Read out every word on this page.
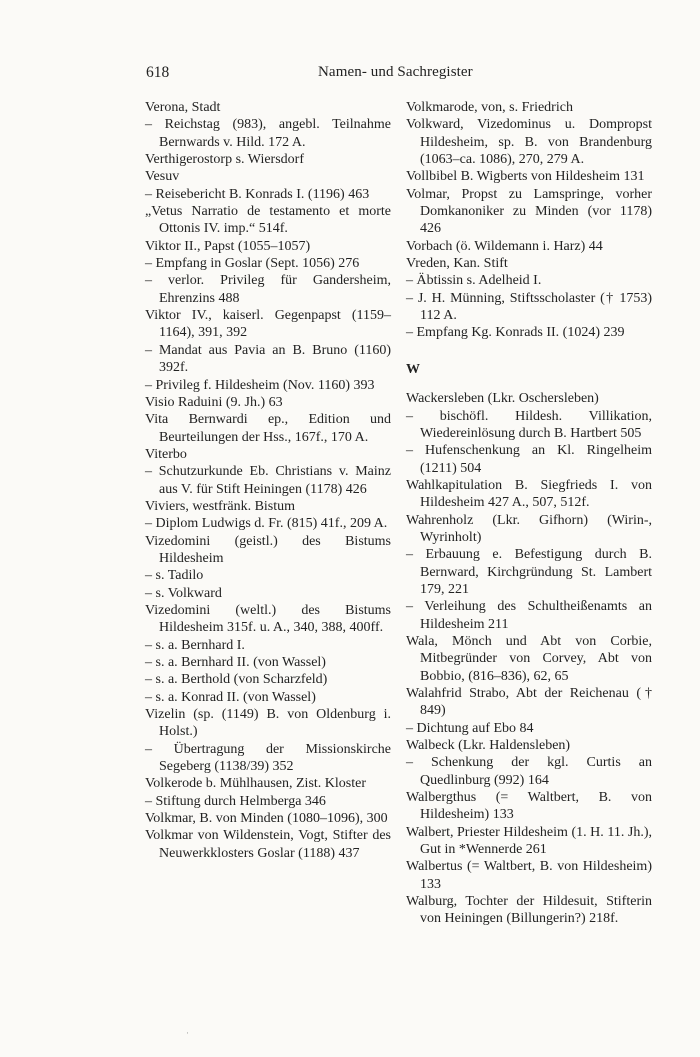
618	Namen- und Sachregister

Verona, Stadt

– Reichstag (983), angebl. Teilnahme Bernwards v. Hild. 172 A.

Verthigerostorp s. Wiersdorf

Vesuv

– Reisebericht B. Konrads I. (1196) 463

„Vetus Narratio de testamento et morte Ottonis IV. imp.“ 514f.

Viktor II., Papst (1055–1057)

– Empfang in Goslar (Sept. 1056) 276

– verlor. Privileg für Gandersheim, Ehrenzins 488

Viktor IV., kaiserl. Gegenpapst (1159–1164), 391, 392

– Mandat aus Pavia an B. Bruno (1160) 392f.

– Privileg f. Hildesheim (Nov. 1160) 393

Visio Raduini (9. Jh.) 63

Vita Bernwardi ep., Edition und Beurteilungen der Hss., 167f., 170 A.

Viterbo

– Schutzurkunde Eb. Christians v. Mainz aus V. für Stift Heiningen (1178) 426

Viviers, westfränk. Bistum

– Diplom Ludwigs d. Fr. (815) 41f., 209 A.

Vizedomini (geistl.) des Bistums Hildesheim

– s. Tadilo

– s. Volkward

Vizedomini (weltl.) des Bistums Hildesheim 315f. u. A., 340, 388, 400ff.

– s. a. Bernhard I.

– s. a. Bernhard II. (von Wassel)

– s. a. Berthold (von Scharzfeld)

– s. a. Konrad II. (von Wassel)

Vizelin (sp. (1149) B. von Oldenburg i. Holst.)

– Übertragung der Missionskirche Segeberg (1138/39) 352

Volkerode b. Mühlhausen, Zist. Kloster

– Stiftung durch Helmberga 346

Volkmar, B. von Minden (1080–1096), 300

Volkmar von Wildenstein, Vogt, Stifter des Neuwerkklosters Goslar (1188) 437

Volkmarode, von, s. Friedrich

Volkward, Vizedominus u. Dompropst Hildesheim, sp. B. von Brandenburg (1063–ca. 1086), 270, 279 A.

Vollbibel B. Wigberts von Hildesheim 131

Volmar, Propst zu Lamspringe, vorher Domkanoniker zu Minden (vor 1178) 426

Vorbach (ö. Wildemann i. Harz) 44

Vreden, Kan. Stift

– Äbtissin s. Adelheid I.

– J. H. Münning, Stiftsscholaster († 1753) 112 A.

– Empfang Kg. Konrads II. (1024) 239

W

Wackersleben (Lkr. Oschersleben)

– bischöfl. Hildesh. Villikation, Wiedereinlösung durch B. Hartbert 505

– Hufenschenkung an Kl. Ringelheim (1211) 504

Wahlkapitulation B. Siegfrieds I. von Hildesheim 427 A., 507, 512f.

Wahrenholz (Lkr. Gifhorn) (Wirin-, Wyrinholt)

– Erbauung e. Befestigung durch B. Bernward, Kirchgründung St. Lambert 179, 221

– Verleihung des Schultheißenamts an Hildesheim 211

Wala, Mönch und Abt von Corbie, Mitbegründer von Corvey, Abt von Bobbio, (816–836), 62, 65

Walahfrid Strabo, Abt der Reichenau († 849)

– Dichtung auf Ebo 84

Walbeck (Lkr. Haldensleben)

– Schenkung der kgl. Curtis an Quedlinburg (992) 164

Walbergthus (= Waltbert, B. von Hildesheim) 133

Walbert, Priester Hildesheim (1. H. 11. Jh.), Gut in *Wennerde 261

Walbertus (= Waltbert, B. von Hildesheim) 133

Walburg, Tochter der Hildesuit, Stifterin von Heiningen (Billungerin?) 218f.

·
